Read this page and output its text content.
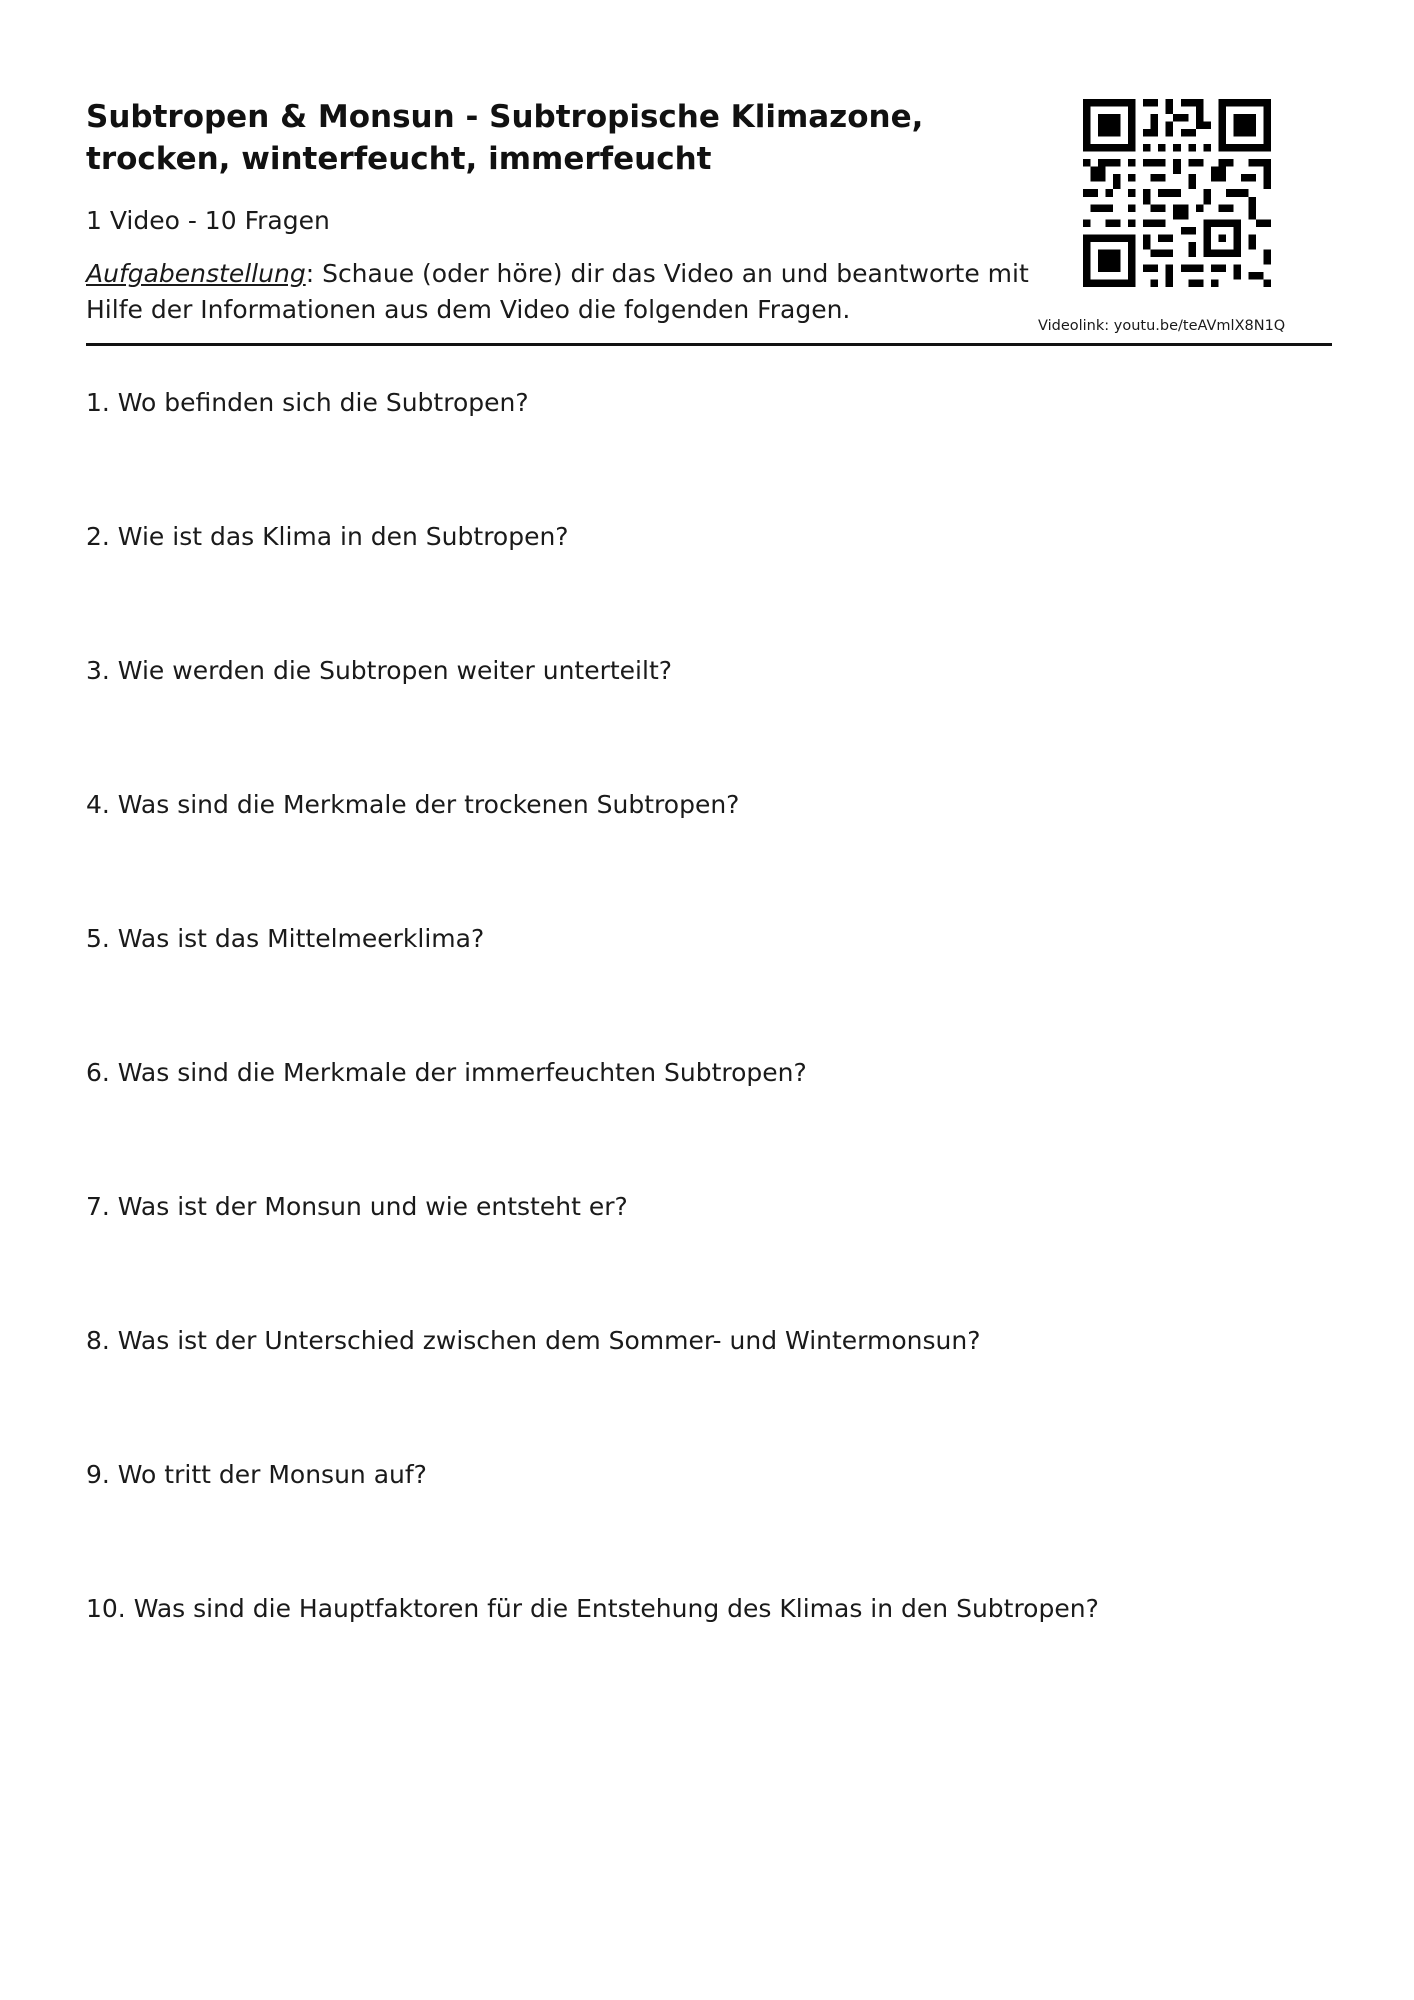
Subtropen & Monsun - Subtropische Klimazone, trocken, winterfeucht, immerfeucht
1 Video - 10 Fragen
Aufgabenstellung: Schaue (oder höre) dir das Video an und beantworte mit Hilfe der Informationen aus dem Video die folgenden Fragen.
Videolink: youtu.be/teAVmlX8N1Q
1. Wo befinden sich die Subtropen?
2. Wie ist das Klima in den Subtropen?
3. Wie werden die Subtropen weiter unterteilt?
4. Was sind die Merkmale der trockenen Subtropen?
5. Was ist das Mittelmeerklima?
6. Was sind die Merkmale der immerfeuchten Subtropen?
7. Was ist der Monsun und wie entsteht er?
8. Was ist der Unterschied zwischen dem Sommer- und Wintermonsun?
9. Wo tritt der Monsun auf?
10. Was sind die Hauptfaktoren für die Entstehung des Klimas in den Subtropen?
